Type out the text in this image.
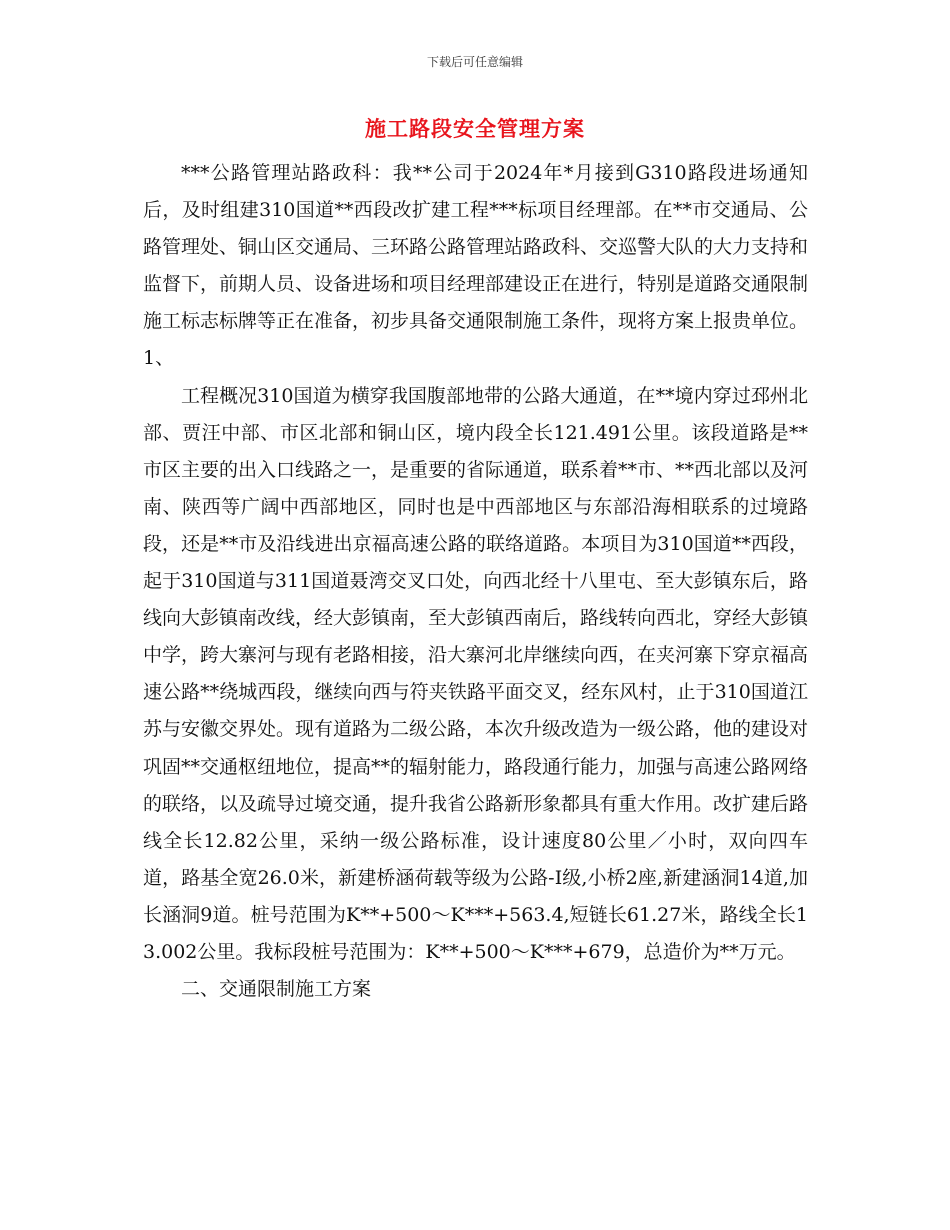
下载后可任意编辑
施工路段安全管理方案

***公路管理站路政科：我**公司于2024年*月接到G310路段进场通知后，及时组建310国道**西段改扩建工程***标项目经理部。在**市交通局、公路管理处、铜山区交通局、三环路公路管理站路政科、交巡警大队的大力支持和监督下，前期人员、设备进场和项目经理部建设正在进行，特别是道路交通限制施工标志标牌等正在准备，初步具备交通限制施工条件，现将方案上报贵单位。1、

工程概况310国道为横穿我国腹部地带的公路大通道，在**境内穿过邳州北部、贾汪中部、市区北部和铜山区，境内段全长121.491公里。该段道路是**市区主要的出入口线路之一，是重要的省际通道，联系着**市、**西北部以及河南、陕西等广阔中西部地区，同时也是中西部地区与东部沿海相联系的过境路段，还是**市及沿线进出京福高速公路的联络道路。本项目为310国道**西段，起于310国道与311国道聂湾交叉口处，向西北经十八里屯、至大彭镇东后，路线向大彭镇南改线，经大彭镇南，至大彭镇西南后，路线转向西北，穿经大彭镇中学，跨大寨河与现有老路相接，沿大寨河北岸继续向西，在夹河寨下穿京福高速公路**绕城西段，继续向西与符夹铁路平面交叉，经东风村，止于310国道江苏与安徽交界处。现有道路为二级公路，本次升级改造为一级公路，他的建设对巩固**交通枢纽地位，提高**的辐射能力，路段通行能力，加强与高速公路网络的联络，以及疏导过境交通，提升我省公路新形象都具有重大作用。改扩建后路线全长12.82公里，采纳一级公路标准，设计速度80公里／小时，双向四车道，路基全宽26.0米，新建桥涵荷载等级为公路-Ⅰ级,小桥2座,新建涵洞14道,加长涵洞9道。桩号范围为K**+500～K***+563.4,短链长61.27米，路线全长13.002公里。我标段桩号范围为：K**+500～K***+679，总造价为**万元。

二、交通限制施工方案
